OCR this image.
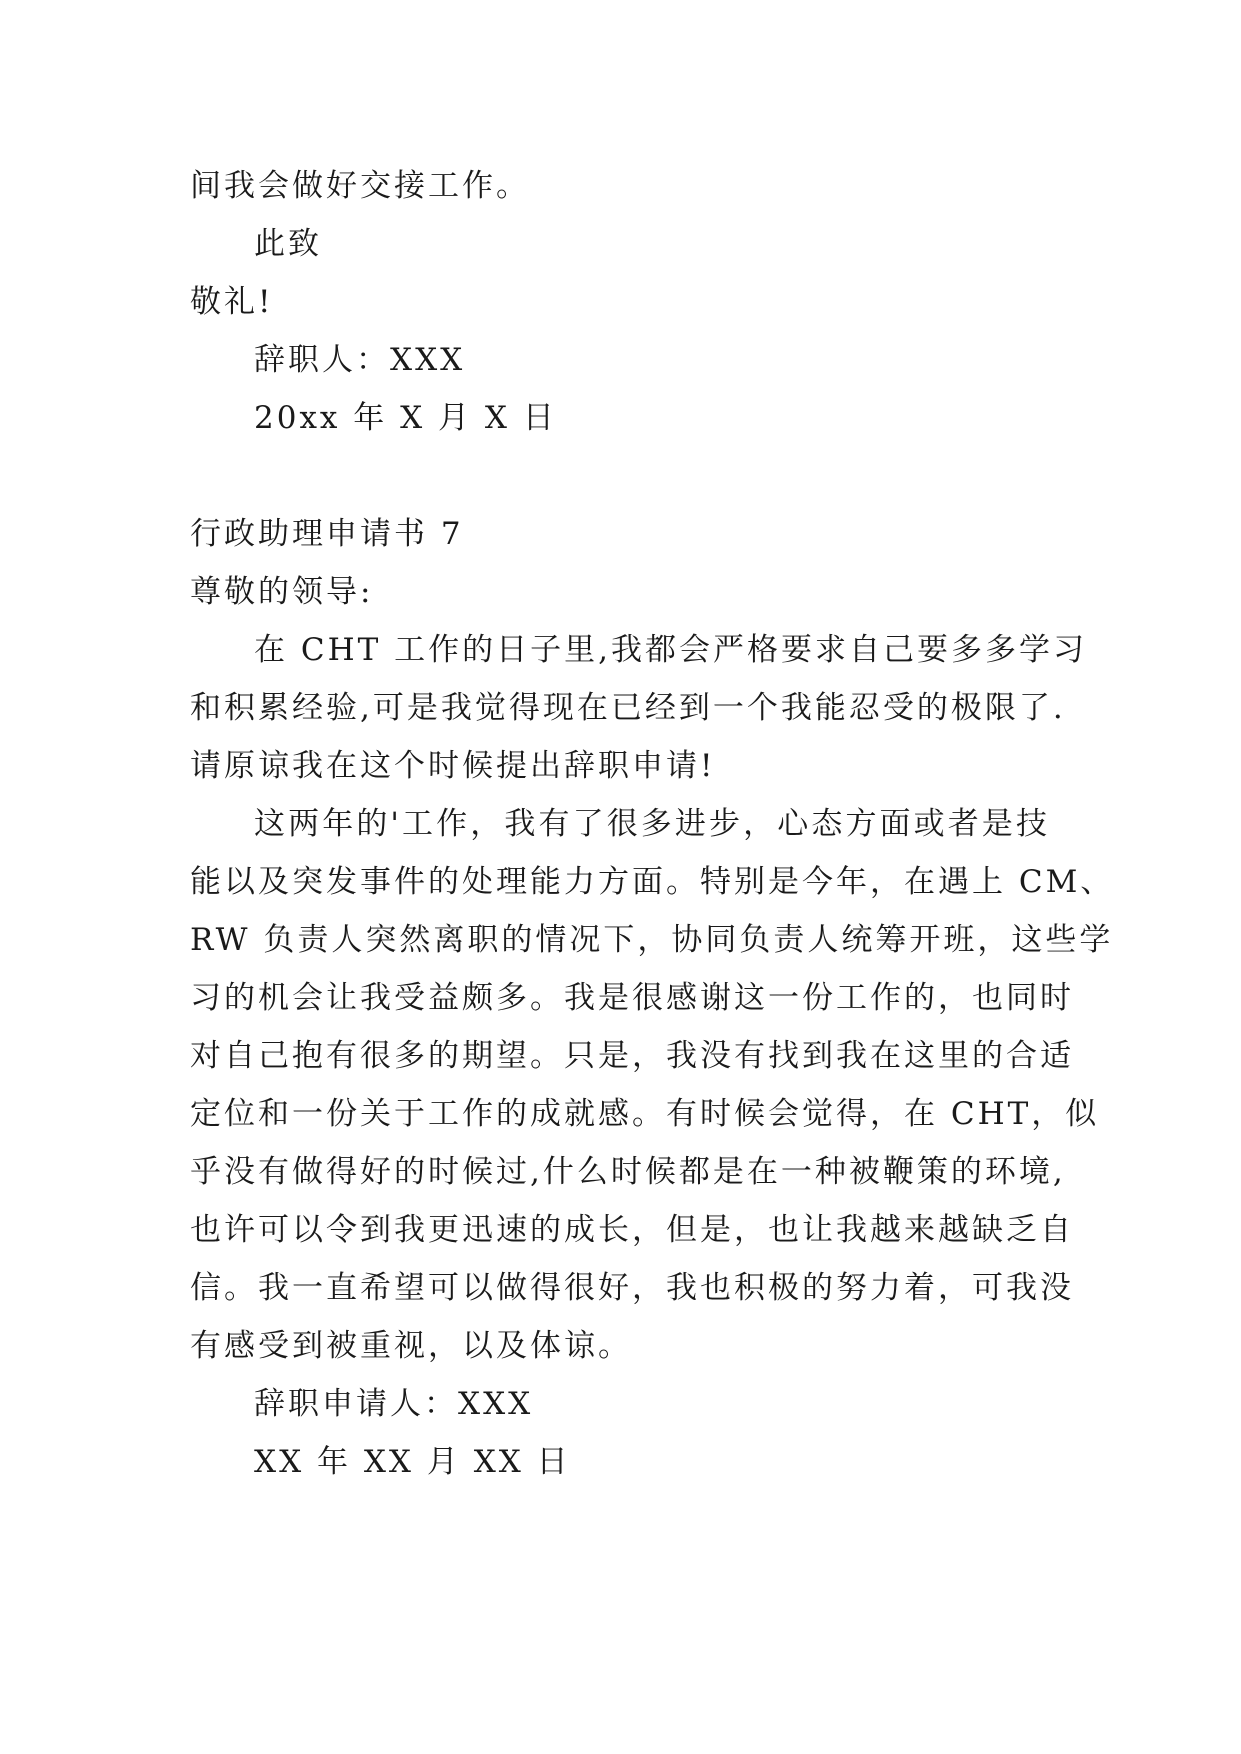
间我会做好交接工作。
此致
敬礼!
辞职人：XXX
20xx 年 X 月 X 日
行政助理申请书 7
尊敬的领导:
在 CHT 工作的日子里,我都会严格要求自己要多多学习
和积累经验,可是我觉得现在已经到一个我能忍受的极限了.
请原谅我在这个时候提出辞职申请!
这两年的'工作，我有了很多进步，心态方面或者是技
能以及突发事件的处理能力方面。特别是今年，在遇上 CM、
RW 负责人突然离职的情况下，协同负责人统筹开班，这些学
习的机会让我受益颇多。我是很感谢这一份工作的，也同时
对自己抱有很多的期望。只是，我没有找到我在这里的合适
定位和一份关于工作的成就感。有时候会觉得，在 CHT，似
乎没有做得好的时候过,什么时候都是在一种被鞭策的环境,
也许可以令到我更迅速的成长，但是，也让我越来越缺乏自
信。我一直希望可以做得很好，我也积极的努力着，可我没
有感受到被重视，以及体谅。
辞职申请人：XXX
XX 年 XX 月 XX 日
